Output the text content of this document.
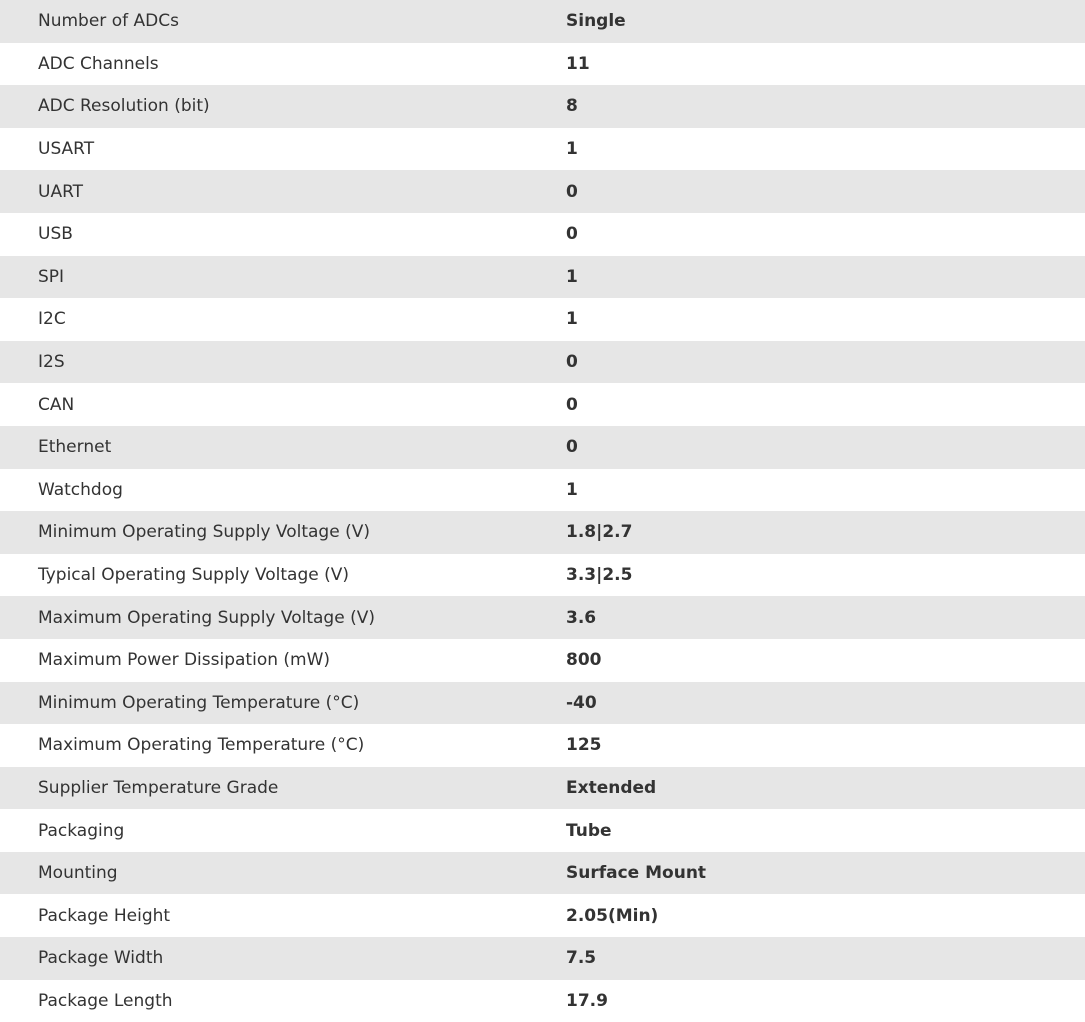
Number of ADCs	Single
ADC Channels	11
ADC Resolution (bit)	8
USART	1
UART	0
USB	0
SPI	1
I2C	1
I2S	0
CAN	0
Ethernet	0
Watchdog	1
Minimum Operating Supply Voltage (V)	1.8|2.7
Typical Operating Supply Voltage (V)	3.3|2.5
Maximum Operating Supply Voltage (V)	3.6
Maximum Power Dissipation (mW)	800
Minimum Operating Temperature (°C)	-40
Maximum Operating Temperature (°C)	125
Supplier Temperature Grade	Extended
Packaging	Tube
Mounting	Surface Mount
Package Height	2.05(Min)
Package Width	7.5
Package Length	17.9
